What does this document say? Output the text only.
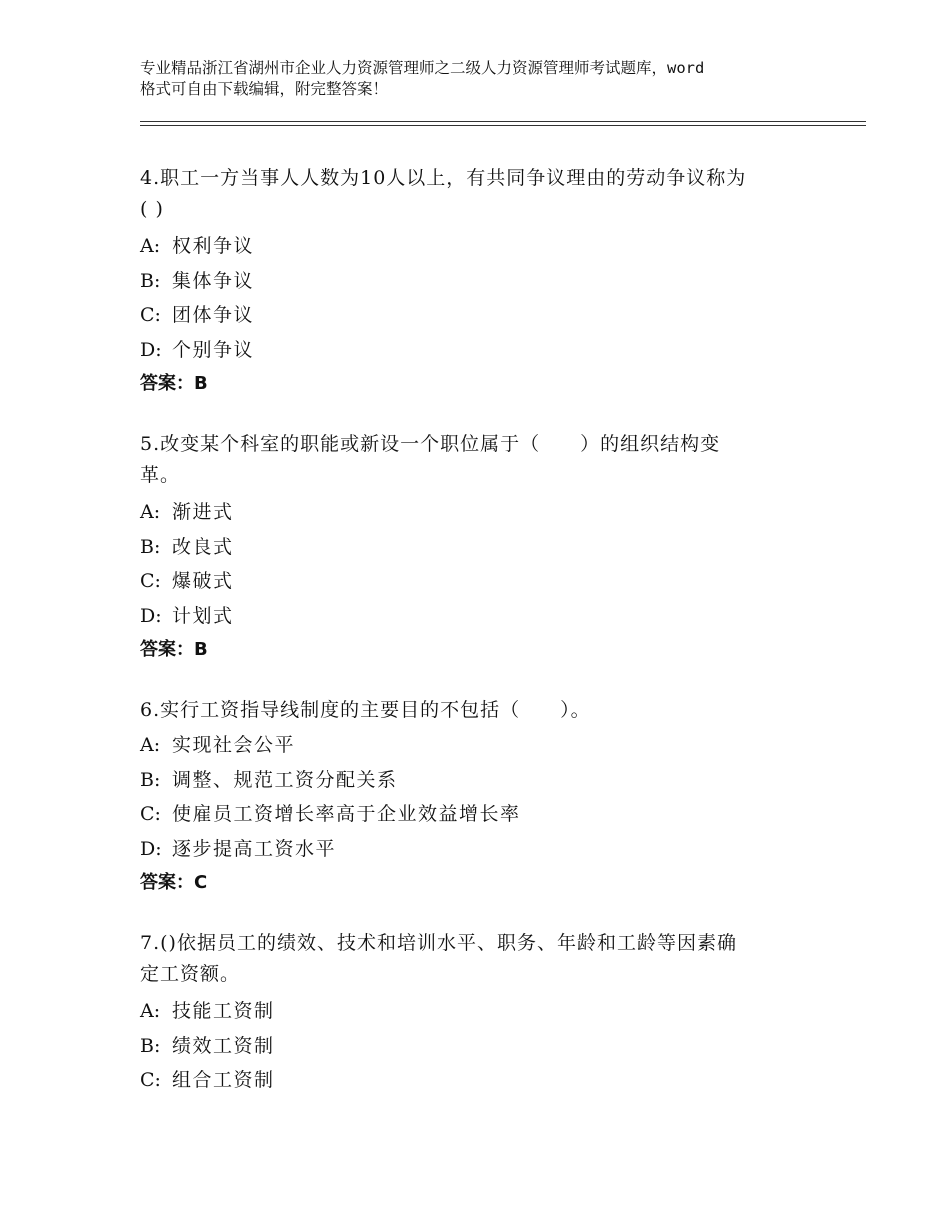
专业精品浙江省湖州市企业人力资源管理师之二级人力资源管理师考试题库，word
格式可自由下载编辑，附完整答案！
4.职工一方当事人人数为10人以上，有共同争议理由的劳动争议称为
( )
A: 权利争议
B: 集体争议
C: 团体争议
D: 个别争议
答案：B
5.改变某个科室的职能或新设一个职位属于（　　）的组织结构变
革。
A: 渐进式
B: 改良式
C: 爆破式
D: 计划式
答案：B
6.实行工资指导线制度的主要目的不包括（　　）。
A: 实现社会公平
B: 调整、规范工资分配关系
C: 使雇员工资增长率高于企业效益增长率
D: 逐步提高工资水平
答案：C
7.()依据员工的绩效、技术和培训水平、职务、年龄和工龄等因素确
定工资额。
A: 技能工资制
B: 绩效工资制
C: 组合工资制
